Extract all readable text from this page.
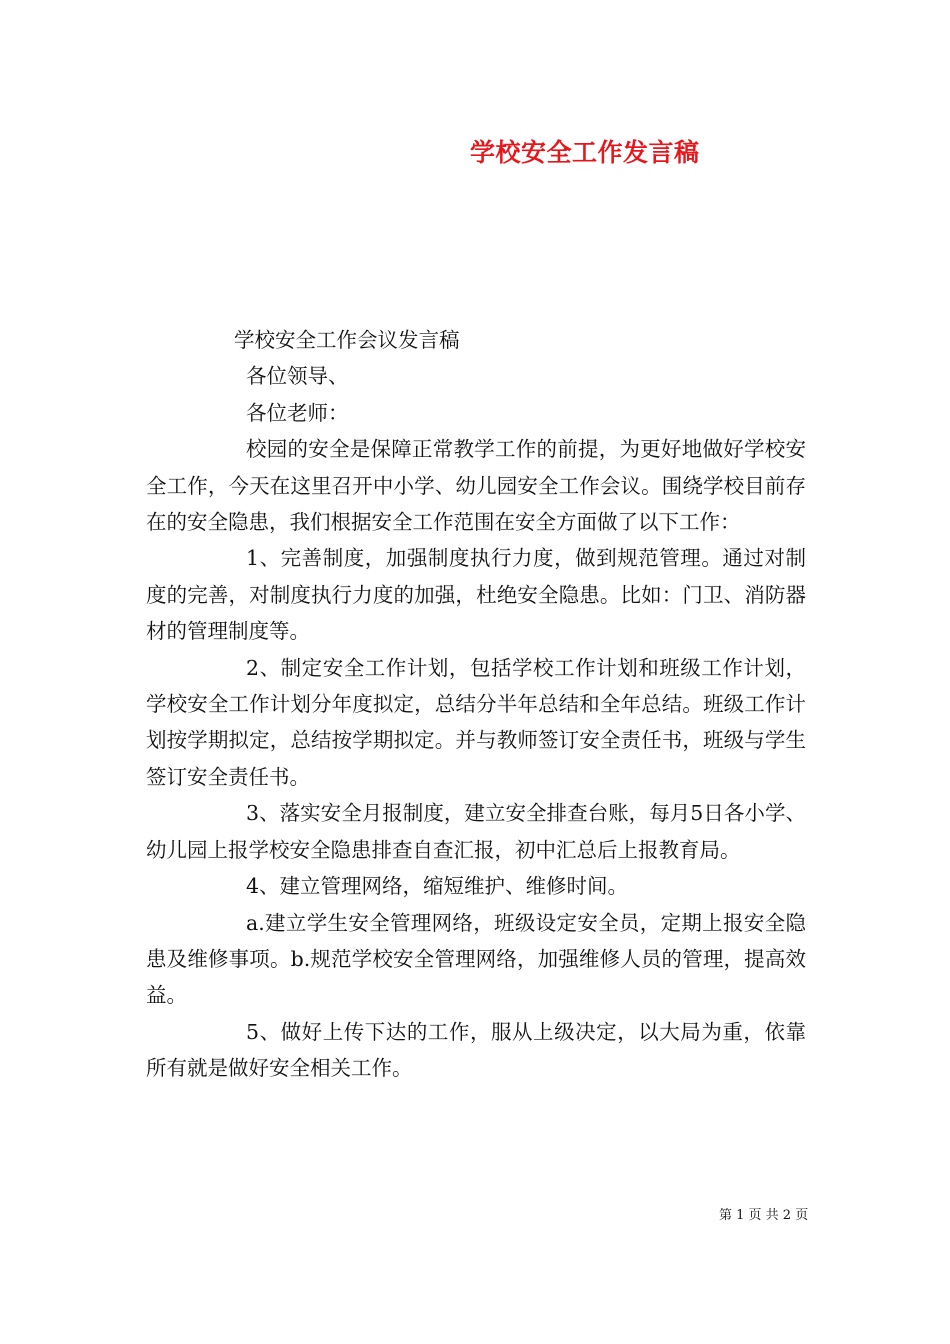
学校安全工作发言稿

学校安全工作会议发言稿

各位领导、

各位老师：

校园的安全是保障正常教学工作的前提，为更好地做好学校安全工作，今天在这里召开中小学、幼儿园安全工作会议。围绕学校目前存在的安全隐患，我们根据安全工作范围在安全方面做了以下工作：

1、完善制度，加强制度执行力度，做到规范管理。通过对制度的完善，对制度执行力度的加强，杜绝安全隐患。比如：门卫、消防器材的管理制度等。

2、制定安全工作计划，包括学校工作计划和班级工作计划，学校安全工作计划分年度拟定，总结分半年总结和全年总结。班级工作计划按学期拟定，总结按学期拟定。并与教师签订安全责任书，班级与学生签订安全责任书。

3、落实安全月报制度，建立安全排查台账，每月5日各小学、幼儿园上报学校安全隐患排查自查汇报，初中汇总后上报教育局。

4、建立管理网络，缩短维护、维修时间。

a.建立学生安全管理网络，班级设定安全员，定期上报安全隐患及维修事项。b.规范学校安全管理网络，加强维修人员的管理，提高效益。

5、做好上传下达的工作，服从上级决定，以大局为重，依靠所有就是做好安全相关工作。

第 1 页 共 2 页
